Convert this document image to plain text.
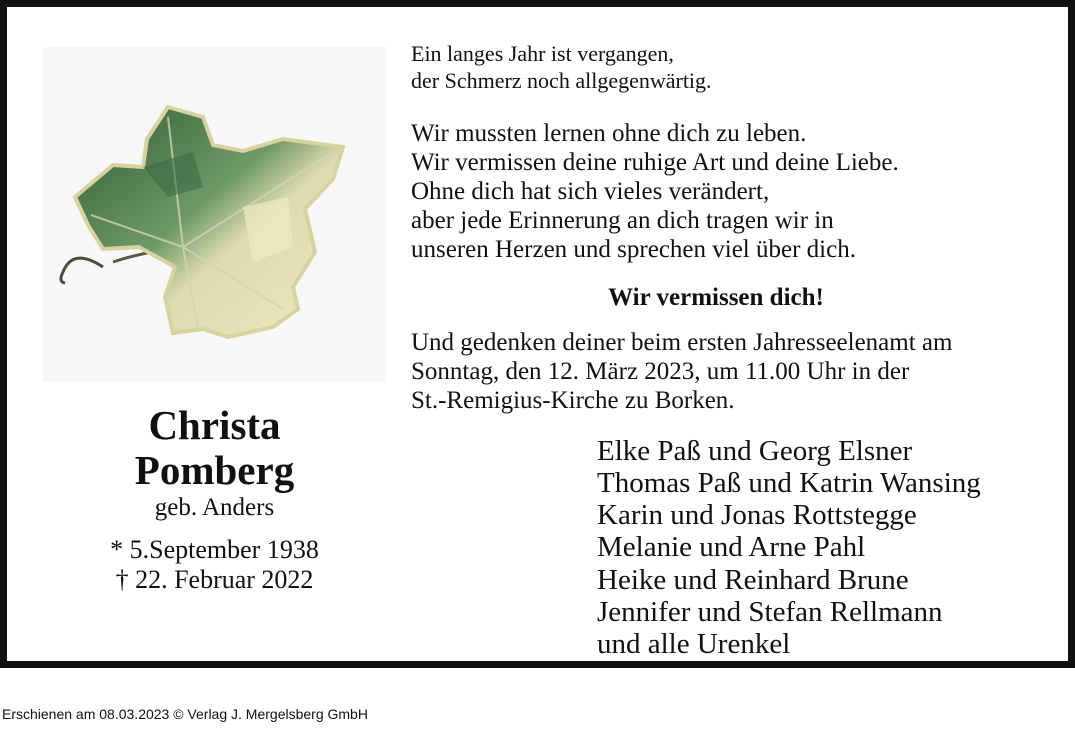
Christa
Pomberg
geb. Anders
* 5.September 1938
† 22. Februar 2022
Ein langes Jahr ist vergangen,
der Schmerz noch allgegenwärtig.
Wir mussten lernen ohne dich zu leben.
Wir vermissen deine ruhige Art und deine Liebe.
Ohne dich hat sich vieles verändert,
aber jede Erinnerung an dich tragen wir in
unseren Herzen und sprechen viel über dich.
Wir vermissen dich!
Und gedenken deiner beim ersten Jahresseelenamt am
Sonntag, den 12. März 2023, um 11.00 Uhr in der
St.-Remigius-Kirche zu Borken.
Elke Paß und Georg Elsner
Thomas Paß und Katrin Wansing
Karin und Jonas Rottstegge
Melanie und Arne Pahl
Heike und Reinhard Brune
Jennifer und Stefan Rellmann
und alle Urenkel
Erschienen am 08.03.2023 © Verlag J. Mergelsberg GmbH
